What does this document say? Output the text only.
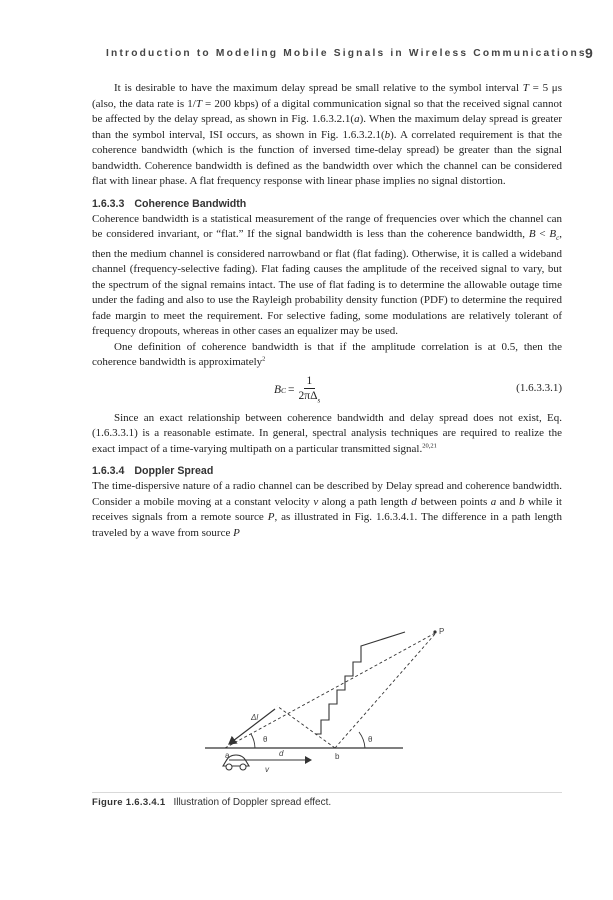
Introduction to Modeling Mobile Signals in Wireless Communications
9

It is desirable to have the maximum delay spread be small relative to the symbol interval T = 5 μs (also, the data rate is 1/T = 200 kbps) of a digital communication signal so that the received signal cannot be affected by the delay spread, as shown in Fig. 1.6.3.2.1(a). When the maximum delay spread is greater than the symbol interval, ISI occurs, as shown in Fig. 1.6.3.2.1(b). A correlated requirement is that the coherence bandwidth (which is the function of inversed time-delay spread) be greater than the signal bandwidth. Coherence bandwidth is defined as the bandwidth over which the channel can be considered flat with linear phase. A flat frequency response with linear phase implies no signal distortion.

1.6.3.3 Coherence Bandwidth

Coherence bandwidth is a statistical measurement of the range of frequencies over which the channel can be considered invariant, or “flat.” If the signal bandwidth is less than the coherence bandwidth, $B < B_c$, then the medium channel is considered narrowband or flat (flat fading). Otherwise, it is called a wideband channel (frequency-selective fading). Flat fading causes the amplitude of the received signal to vary, but the spectrum of the signal remains intact. The use of flat fading is to determine the allowable outage time under the fading and also to use the Rayleigh probability density function (PDF) to determine the required fade margin to meet the requirement. For selective fading, some modulations are relatively tolerant of frequency dropouts, whereas in other cases an equalizer may be used.

One definition of coherence bandwidth is that if the amplitude correlation is at 0.5, then the coherence bandwidth is approximately$^2$

B $C = \frac{1}{2\pi\Delta_s}$	(1.6.3.3.1)

Since an exact relationship between coherence bandwidth and delay spread does not exist, Eq. (1.6.3.3.1) is a reasonable estimate. In general, spectral analysis techniques are required to realize the exact impact of a time-varying multipath on a particular transmitted signal.$^{20,21}$

1.6.3.4 Doppler Spread

The time-dispersive nature of a radio channel can be described by Delay spread and coherence bandwidth. Consider a mobile moving at a constant velocity v along a path length d between points a and b while it receives signals from a remote source P, as illustrated in Fig. 1.6.3.4.1. The difference in a path length traveled by a wave from source P

P
Δl
θ	θ
a	b
d
v
Figure 1.6.3.4.1 Illustration of Doppler spread effect.
